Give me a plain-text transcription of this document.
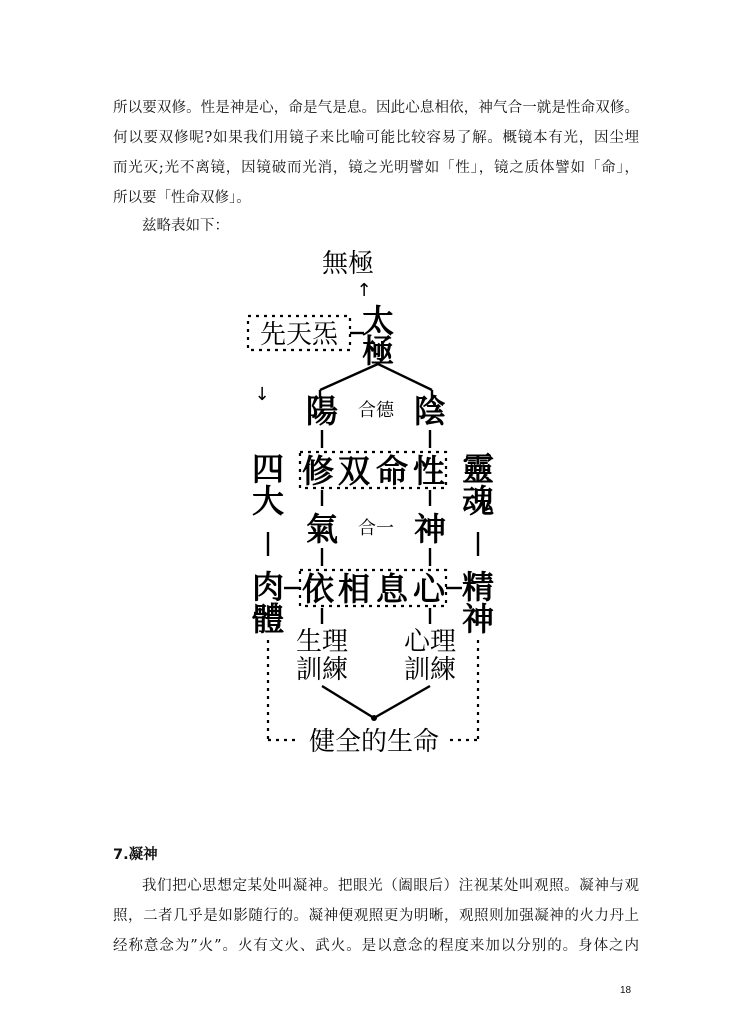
所以要双修。性是神是心，命是气是息。因此心息相依，神气合一就是性命双修。
何以要双修呢?如果我们用镜子来比喻可能比较容易了解。概镜本有光，因尘埋
而光灭;光不离镜，因镜破而光消，镜之光明譬如「性」，镜之质体譬如「命」，
所以要「性命双修」。

兹略表如下：

無極
↑
先天炁 太
極
↓ 陽 合德 陰
修 双 命 性
四
大
靈
魂
氣 合一 神
依 相 息 心
肉
體
精
神
生理
訓練
心理
訓練
健全的生命

7.凝神

我们把心思想定某处叫凝神。把眼光（阖眼后）注视某处叫观照。凝神与观
照，二者几乎是如影随行的。凝神便观照更为明晰，观照则加强凝神的火力丹上
经称意念为”火”。火有文火、武火。是以意念的程度来加以分别的。身体之内
18
